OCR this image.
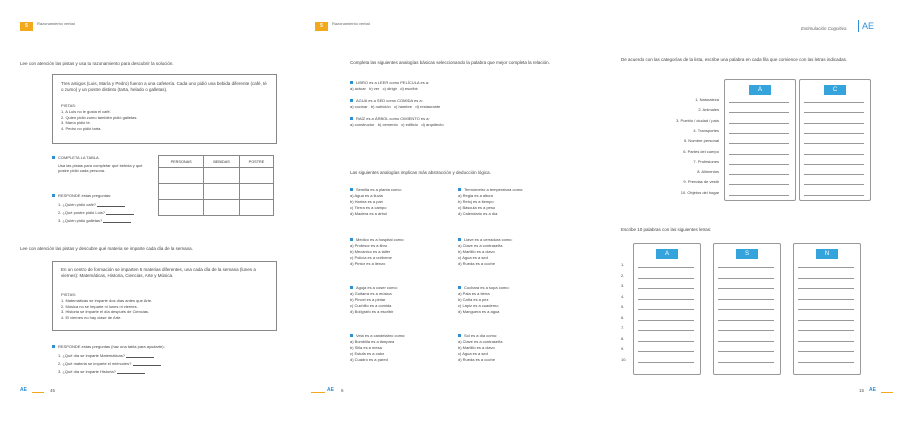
5	Razonamiento verbal
Lee con atención las pistas y usa tu razonamiento para descubrir la solución.
Tres amigos (Luis, María y Pedro) fueron a una cafetería. Cada uno pidió una bebida diferente (café, té o zumo) y un postre distinto (tarta, helado o galletas).
PISTAS:
1. A Luis no le gusta el café.
2. Quien pidió zumo también pidió galletas.
3. María pidió té.
4. Pedro no pidió tarta.
COMPLETA LA TABLA.
Usa las pistas para completar qué bebida y qué postre pidió cada persona.
PERSONAS	BEBIDAS	POSTRE

RESPONDE estas preguntas:
1. ¿Quién pidió café?
2. ¿Qué postre pidió Luis?
3. ¿Quién pidió galletas?
Lee con atención las pistas y descubre qué materia se imparte cada día de la semana.
En un centro de formación se imparten 5 materias diferentes, una cada día de la semana (lunes a viernes): Matemáticas, Historia, Ciencias, Arte y Música.
PISTAS:
1. Matemáticas se imparte dos días antes que Arte.
2. Música no se imparte ni lunes ni viernes.
3. Historia se imparte el día después de Ciencias.
4. El viernes no hay clase de Arte.
RESPONDE estas preguntas (haz una tabla para ayudarte):
1. ¿Qué día se imparte Matemáticas?
2. ¿Qué materia se imparte el miércoles?
3. ¿Qué día se imparte Historia?
AE	45
5	Razonamiento verbal
Completa las siguientes analogías básicas seleccionando la palabra que mejor completa la relación.
LIBRO es a LEER como PELÍCULA es a:
a) actuar   b) ver   c) dirigir   d) escribir
AGUA es a SED como COMIDA es a:
a) cocinar   b) nutrición   c) hambre   d) restaurante
RAÍZ es a ÁRBOL como CIMIENTO es a:
a) constructor   b) cemento   c) edificio   d) arquitecto
Las siguientes analogías implican más abstracción y deducción lógica.
Semilla es a planta como:
a) Agua es a lluvia
b) Harina es a pan
c) Tierra es a campo
d) Madera es a árbol
Termómetro a temperatura como:
a) Regla es a altura
b) Reloj es a tiempo
c) Báscula es a peso
d) Calendario es a día
Médico es a hospital como:
a) Profesor es a libro
b) Mecánico es a taller
c) Policía es a uniforme
d) Pintor es a lienzo
Llave es a cerradura como:
a) Clave es a contraseña
b) Martillo es a clavo
c) Agua es a sed
d) Rueda es a coche
Aguja es a coser como:
a) Guitarra es a música
b) Pincel es a pintar
c) Cuchillo es a comida
d) Bolígrafo es a escribir
Cuchara es a sopa como:
a) Pala es a tierra
b) Caña es a pez
c) Lápiz es a cuaderno
d) Manguera es a agua
Vela es a candelabro como:
a) Bombilla es a lámpara
b) Silla es a mesa
c) Estufa es a calor
d) Cuadro es a pared
Sol es a día como:
a) Clave es a contraseña
b) Martillo es a clavo
c) Agua es a sed
d) Rueda es a coche
AE 6
Estimulación Cognitiva AE
De acuerdo con las categorías de la lista, escribe una palabra en cada fila que comience con las letras indicadas.
1. Naturaleza
2. Animales
3. Pueblo / ciudad / país
4. Transportes
5. Nombre personal
6. Partes del cuerpo
7. Profesiones
8. Alimentos
9. Prendas de vestir
10. Objetos del hogar
A	C
Escribe 10 palabras con las siguientes letras:
A	S	N
1.
2.
3.
4.
5.
6.
7.
8.
9.
10.
15 AE
